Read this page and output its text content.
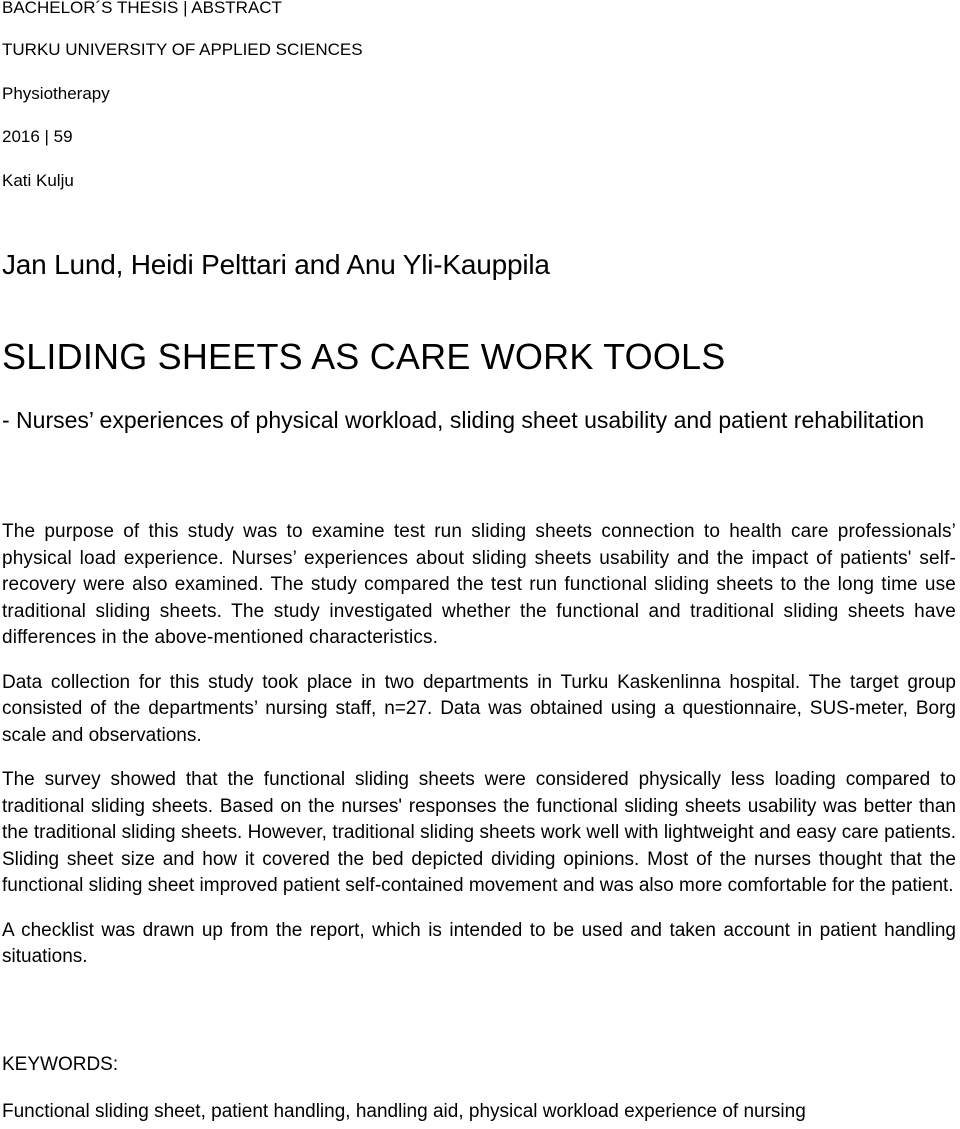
BACHELOR´S THESIS | ABSTRACT
TURKU UNIVERSITY OF APPLIED SCIENCES
Physiotherapy
2016 | 59
Kati Kulju
Jan Lund, Heidi Pelttari and Anu Yli-Kauppila
SLIDING SHEETS AS CARE WORK TOOLS
- Nurses’ experiences of physical workload, sliding sheet usability and patient rehabilitation

The purpose of this study was to examine test run sliding sheets connection to health care professionals’ physical load experience. Nurses’ experiences about sliding sheets usability and the impact of patients' self-recovery were also examined. The study compared the test run functional sliding sheets to the long time use traditional sliding sheets. The study investigated whether the functional and traditional sliding sheets have differences in the above-mentioned characteristics.

Data collection for this study took place in two departments in Turku Kaskenlinna hospital. The target group consisted of the departments’ nursing staff, n=27. Data was obtained using a questionnaire, SUS-meter, Borg scale and observations.

The survey showed that the functional sliding sheets were considered physically less loading compared to traditional sliding sheets. Based on the nurses' responses the functional sliding sheets usability was better than the traditional sliding sheets. However, traditional sliding sheets work well with lightweight and easy care patients. Sliding sheet size and how it covered the bed depicted dividing opinions. Most of the nurses thought that the functional sliding sheet improved patient self-contained movement and was also more comfortable for the patient.

A checklist was drawn up from the report, which is intended to be used and taken account in patient handling situations.

KEYWORDS:
Functional sliding sheet, patient handling, handling aid, physical workload experience of nursing
